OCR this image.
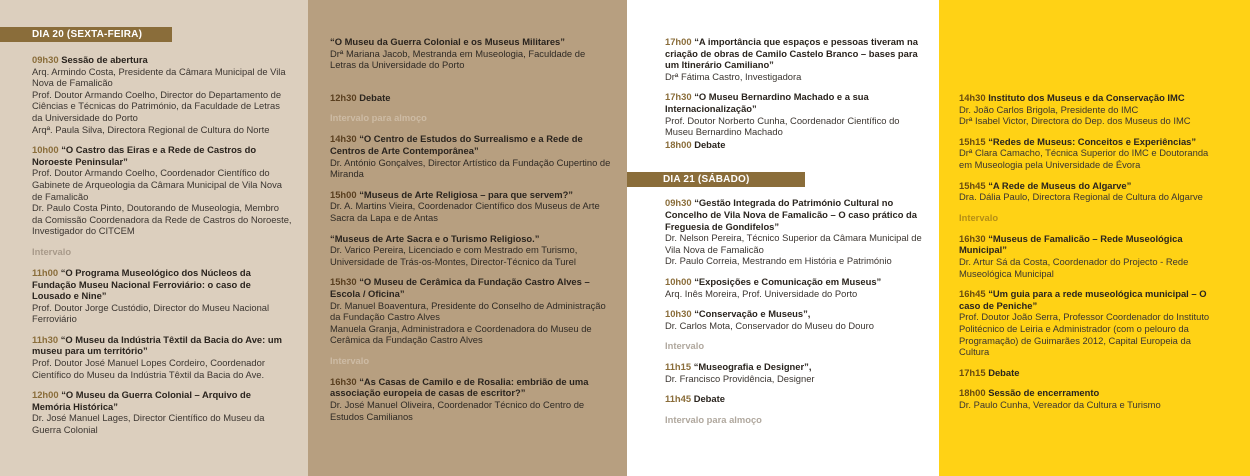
DIA 20 (SEXTA-FEIRA)
09h30 Sessão de abertura
Arq. Armindo Costa, Presidente da Câmara Municipal de Vila Nova de Famalicão
Prof. Doutor Armando Coelho, Director do Departamento de Ciências e Técnicas do Património, da Faculdade de Letras da Universidade do Porto
Arqª. Paula Silva, Directora Regional de Cultura do Norte
10h00 “O Castro das Eiras e a Rede de Castros do Noroeste Peninsular”
Prof. Doutor Armando Coelho, Coordenador Científico do Gabinete de Arqueologia da Câmara Municipal de Vila Nova de Famalicão
Dr. Paulo Costa Pinto, Doutorando de Museologia, Membro da Comissão Coordenadora da Rede de Castros do Noroeste, Investigador do CITCEM
Intervalo
11h00 “O Programa Museológico dos Núcleos da Fundação Museu Nacional Ferroviário: o caso de Lousado e Nine”
Prof. Doutor Jorge Custódio, Director do Museu Nacional Ferroviário
11h30 “O Museu da Indústria Têxtil da Bacia do Ave: um museu para um território”
Prof. Doutor José Manuel Lopes Cordeiro, Coordenador Científico do Museu da Indústria Têxtil da Bacia do Ave.
12h00 “O Museu da Guerra Colonial – Arquivo de Memória Histórica”
Dr. José Manuel Lages, Director Científico do Museu da Guerra Colonial
“O Museu da Guerra Colonial e os Museus Militares”
Drª Mariana Jacob, Mestranda em Museologia, Faculdade de Letras da Universidade do Porto
12h30 Debate
Intervalo para almoço
14h30 “O Centro de Estudos do Surrealismo e a Rede de Centros de Arte Contemporânea”
Dr. António Gonçalves, Director Artístico da Fundação Cupertino de Miranda
15h00 “Museus de Arte Religiosa – para que servem?”
Dr. A. Martins Vieira, Coordenador Científico dos Museus de Arte Sacra da Lapa e de Antas
“Museus de Arte Sacra e o Turismo Religioso.”
Dr. Varico Pereira, Licenciado e com Mestrado em Turismo, Universidade de Trás-os-Montes, Director-Técnico da Turel
15h30 “O Museu de Cerâmica da Fundação Castro Alves – Escola / Oficina”
Dr. Manuel Boaventura, Presidente do Conselho de Administração da Fundação Castro Alves
Manuela Granja, Administradora e Coordenadora do Museu de Cerâmica da Fundação Castro Alves
Intervalo
16h30 “As Casas de Camilo e de Rosalia: embrião de uma associação europeia de casas de escritor?”
Dr. José Manuel Oliveira, Coordenador Técnico do Centro de Estudos Camilianos
17h00 “A importância que espaços e pessoas tiveram na criação de obras de Camilo Castelo Branco – bases para um Itinerário Camiliano”
Drª Fátima Castro, Investigadora
17h30 “O Museu Bernardino Machado e a sua Internacionalização”
Prof. Doutor Norberto Cunha, Coordenador Científico do Museu Bernardino Machado
18h00 Debate
DIA 21 (SÁBADO)
09h30 “Gestão Integrada do Património Cultural no Concelho de Vila Nova de Famalicão – O caso prático da Freguesia de Gondifelos”
Dr. Nelson Pereira, Técnico Superior da Câmara Municipal de Vila Nova de Famalicão
Dr. Paulo Correia, Mestrando em História e Património
10h00 “Exposições e Comunicação em Museus”
Arq. Inês Moreira, Prof. Universidade do Porto
10h30 “Conservação e Museus”,
Dr. Carlos Mota, Conservador do Museu do Douro
Intervalo
11h15 “Museografia e Designer”,
Dr. Francisco Providência, Designer
11h45 Debate
Intervalo para almoço
14h30 Instituto dos Museus e da Conservação IMC
Dr. João Carlos Brigola, Presidente do IMC
Drª Isabel Victor, Directora do Dep. dos Museus do IMC
15h15 “Redes de Museus: Conceitos e Experiências”
Drª Clara Camacho, Técnica Superior do IMC e Doutoranda em Museologia pela Universidade de Évora
15h45 “A Rede de Museus do Algarve”
Dra. Dália Paulo, Directora Regional de Cultura do Algarve
Intervalo
16h30 “Museus de Famalicão – Rede Museológica Municipal”
Dr. Artur Sá da Costa, Coordenador do Projecto - Rede Museológica Municipal
16h45 “Um guia para a rede museológica municipal – O caso de Peniche”
Prof. Doutor João Serra, Professor Coordenador do Instituto Politécnico de Leiria e Administrador (com o pelouro da Programação) de Guimarães 2012, Capital Europeia da Cultura
17h15 Debate
18h00 Sessão de encerramento
Dr. Paulo Cunha, Vereador da Cultura e Turismo
